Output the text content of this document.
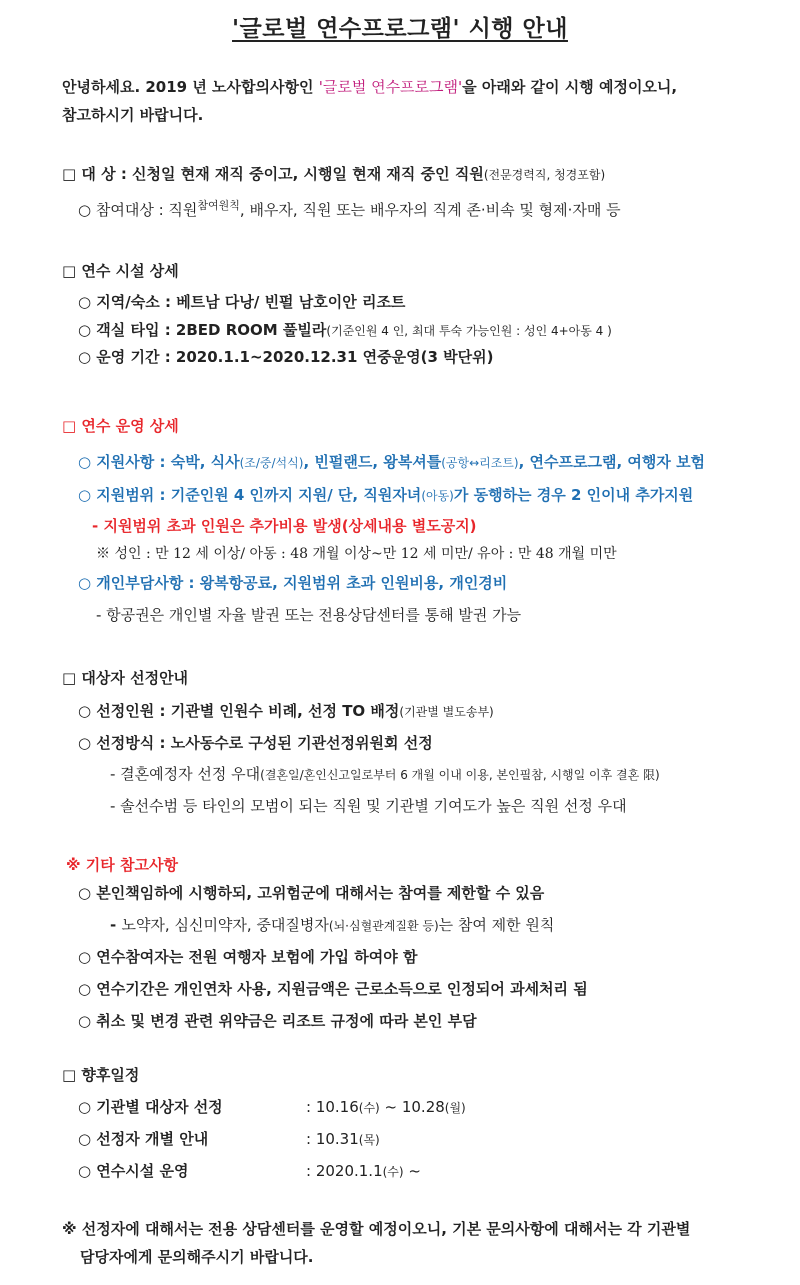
'글로벌 연수프로그램' 시행 안내
안녕하세요. 2019 년 노사합의사항인 '글로벌 연수프로그램'을 아래와 같이 시행 예정이오니,
참고하시기 바랍니다.
□ 대 상 : 신청일 현재 재직 중이고, 시행일 현재 재직 중인 직원(전문경력직, 청경포함)
○ 참여대상 : 직원$^{참여원칙}$, 배우자, 직원 또는 배우자의 직계 존·비속 및 형제·자매 등
□ 연수 시설 상세
○ 지역/숙소 : 베트남 다낭/ 빈펄 남호이안 리조트
○ 객실 타입 : 2BED ROOM 풀빌라(기준인원 4 인, 최대 투숙 가능인원 : 성인 4+아동 4 )
○ 운영 기간 : 2020.1.1~2020.12.31 연중운영(3 박단위)
□ 연수 운영 상세
○ 지원사항 : 숙박, 식사(조/중/석식), 빈펄랜드, 왕복셔틀(공항↔리조트), 연수프로그램, 여행자 보험
○ 지원범위 : 기준인원 4 인까지 지원/ 단, 직원자녀(아동)가 동행하는 경우 2 인이내 추가지원
- 지원범위 초과 인원은 추가비용 발생(상세내용 별도공지)
※ 성인 : 만 12 세 이상/ 아동 : 48 개월 이상~만 12 세 미만/ 유아 : 만 48 개월 미만
○ 개인부담사항 : 왕복항공료, 지원범위 초과 인원비용, 개인경비
- 항공권은 개인별 자율 발권 또는 전용상담센터를 통해 발권 가능
□ 대상자 선정안내
○ 선정인원 : 기관별 인원수 비례, 선정 TO 배정(기관별 별도송부)
○ 선정방식 : 노사동수로 구성된 기관선정위원회 선정
- 결혼예정자 선정 우대(결혼일/혼인신고일로부터 6 개월 이내 이용, 본인필참, 시행일 이후 결혼 限)
- 솔선수범 등 타인의 모범이 되는 직원 및 기관별 기여도가 높은 직원 선정 우대
※ 기타 참고사항
○ 본인책임하에 시행하되, 고위험군에 대해서는 참여를 제한할 수 있음
- 노약자, 심신미약자, 중대질병자(뇌·심혈관계질환 등)는 참여 제한 원칙
○ 연수참여자는 전원 여행자 보험에 가입 하여야 함
○ 연수기간은 개인연차 사용, 지원금액은 근로소득으로 인정되어 과세처리 됨
○ 취소 및 변경 관련 위약금은 리조트 규정에 따라 본인 부담
□ 향후일정
○ 기관별 대상자 선정	: 10.16(수) ~ 10.28(월)
○ 선정자 개별 안내	: 10.31(목)
○ 연수시설 운영	: 2020.1.1(수) ~
※ 선정자에 대해서는 전용 상담센터를 운영할 예정이오니, 기본 문의사항에 대해서는 각 기관별
담당자에게 문의해주시기 바랍니다.
